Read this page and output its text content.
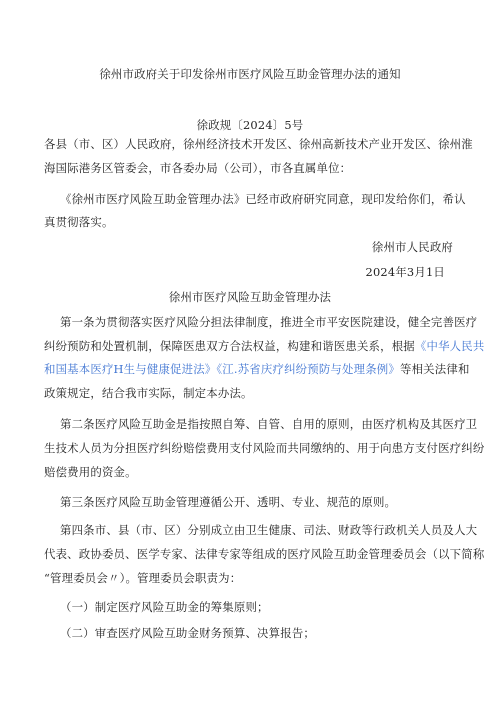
徐州市政府关于印发徐州市医疗风险互助金管理办法的通知
徐政规〔2024〕5号
各县（市、区）人民政府，徐州经济技术开发区、徐州高新技术产业开发区、徐州淮
海国际港务区管委会，市各委办局（公司），市各直属单位：
《徐州市医疗风险互助金管理办法》已经市政府研究同意，现印发给你们，希认
真贯彻落实。
徐州市人民政府
2024年3月1日
徐州市医疗风险互助金管理办法
第一条为贯彻落实医疗风险分担法律制度，推进全市平安医院建设，健全完善医疗
纠纷预防和处置机制，保障医患双方合法权益，构建和谐医患关系，根据《中华人民共
和国基本医疗H生与健康促进法》《江.苏省庆疗纠纷预防与处理条例》等相关法律和
政策规定，结合我市实际，制定本办法。
第二条医疗风险互助金是指按照自筹、自管、自用的原则，由医疗机构及其医疗卫
生技术人员为分担医疗纠纷赔偿费用支付风险而共同缴纳的、用于向患方支付医疗纠纷
赔偿费用的资金。
第三条医疗风险互助金管理遵循公开、透明、专业、规范的原则。
第四条市、县（市、区）分别成立由卫生健康、司法、财政等行政机关人员及人大
代表、政协委员、医学专家、法律专家等组成的医疗风险互助金管理委员会（以下简称
“管理委员会〃）。管理委员会职责为：
（一）制定医疗风险互助金的筹集原则；
（二）审查医疗风险互助金财务预算、决算报告；
